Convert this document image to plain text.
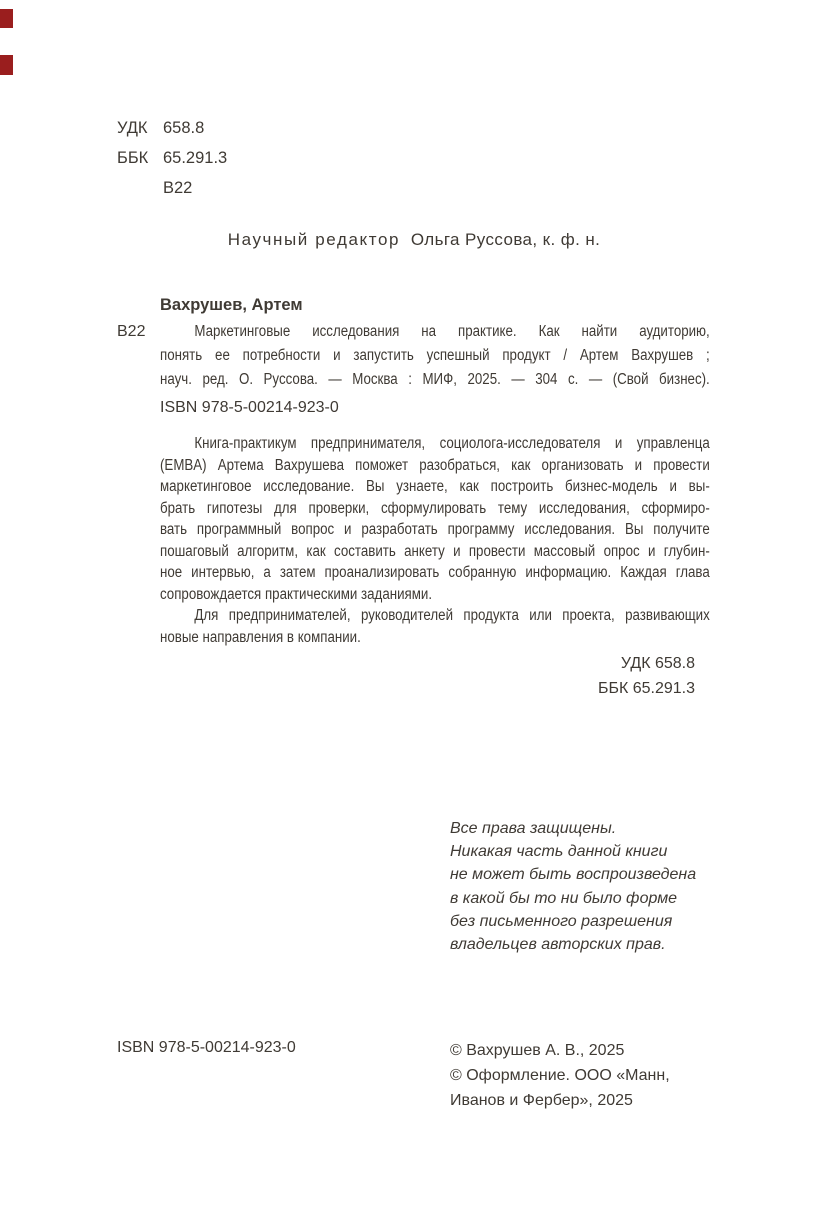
УДК 658.8
ББК 65.291.3
В22
Научный редактор Ольга Руссова, к. ф. н.
Вахрушев, Артем
В22	Маркетинговые исследования на практике. Как найти аудиторию,
понять ее потребности и запустить успешный продукт / Артем Вахрушев ;
науч. ред. О. Руссова. — Москва : МИФ, 2025. — 304 с. — (Свой бизнес).
ISBN 978-5-00214-923-0
Книга-практикум предпринимателя, социолога-исследователя и управленца
(EMBA) Артема Вахрушева поможет разобраться, как организовать и провести
маркетинговое исследование. Вы узнаете, как построить бизнес-модель и вы-
брать гипотезы для проверки, сформулировать тему исследования, сформиро-
вать программный вопрос и разработать программу исследования. Вы получите
пошаговый алгоритм, как составить анкету и провести массовый опрос и глубин-
ное интервью, а затем проанализировать собранную информацию. Каждая глава
сопровождается практическими заданиями.
Для предпринимателей, руководителей продукта или проекта, развивающих
новые направления в компании.
УДК 658.8
ББК 65.291.3
Все права защищены.
Никакая часть данной книги
не может быть воспроизведена
в какой бы то ни было форме
без письменного разрешения
владельцев авторских прав.
ISBN 978-5-00214-923-0	© Вахрушев А. В., 2025
© Оформление. ООО «Манн,
Иванов и Фербер», 2025
